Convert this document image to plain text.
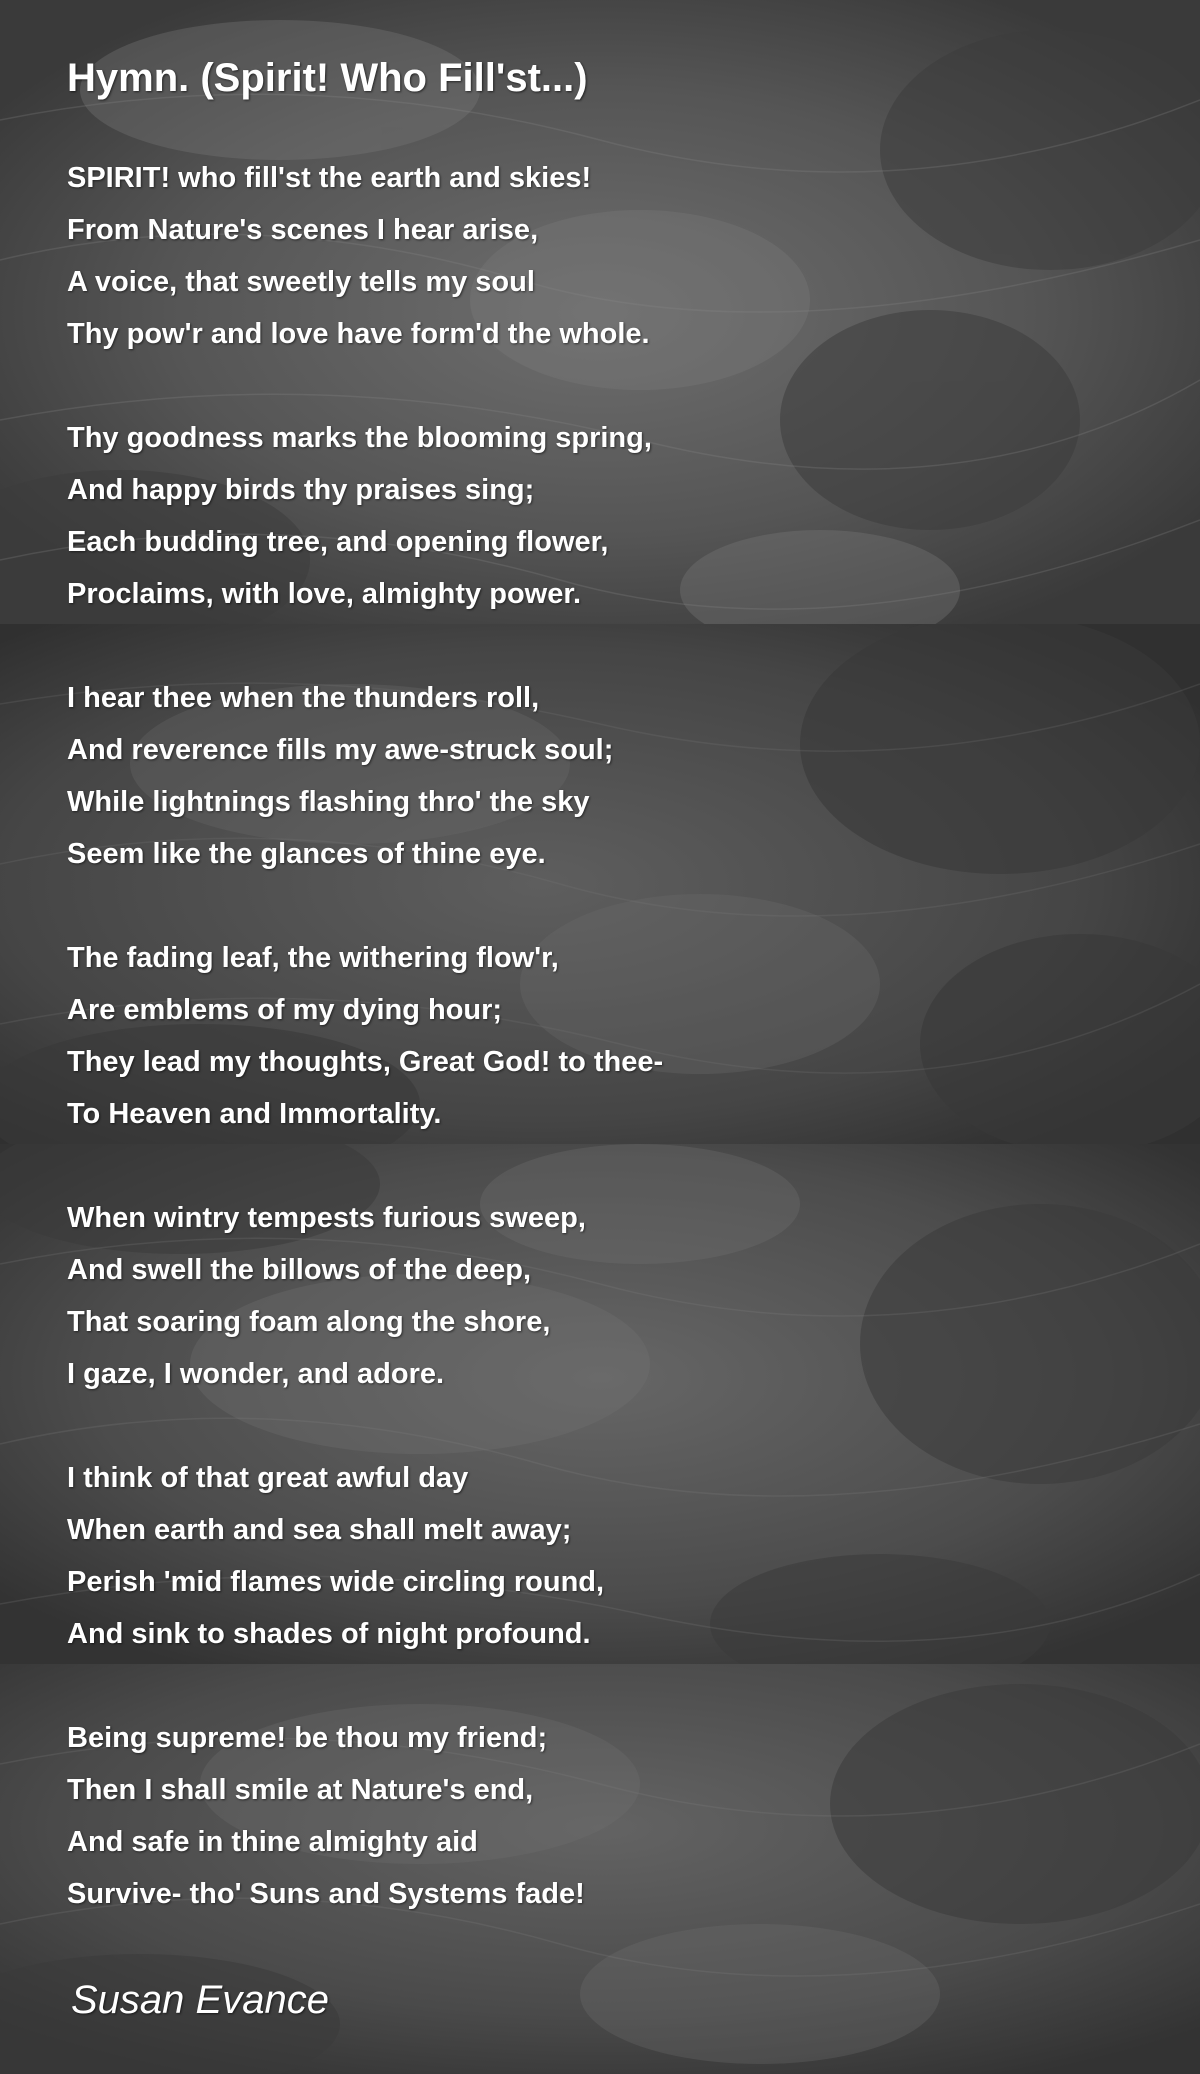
Hymn. (Spirit! Who Fill'st...)
SPIRIT! who fill'st the earth and skies!
From Nature's scenes I hear arise,
A voice, that sweetly tells my soul
Thy pow'r and love have form'd the whole.
Thy goodness marks the blooming spring,
And happy birds thy praises sing;
Each budding tree, and opening flower,
Proclaims, with love, almighty power.
I hear thee when the thunders roll,
And reverence fills my awe-struck soul;
While lightnings flashing thro' the sky
Seem like the glances of thine eye.
The fading leaf, the withering flow'r,
Are emblems of my dying hour;
They lead my thoughts, Great God! to thee-
To Heaven and Immortality.
When wintry tempests furious sweep,
And swell the billows of the deep,
That soaring foam along the shore,
I gaze, I wonder, and adore.
I think of that great awful day
When earth and sea shall melt away;
Perish 'mid flames wide circling round,
And sink to shades of night profound.
Being supreme! be thou my friend;
Then I shall smile at Nature's end,
And safe in thine almighty aid
Survive- tho' Suns and Systems fade!
Susan Evance
